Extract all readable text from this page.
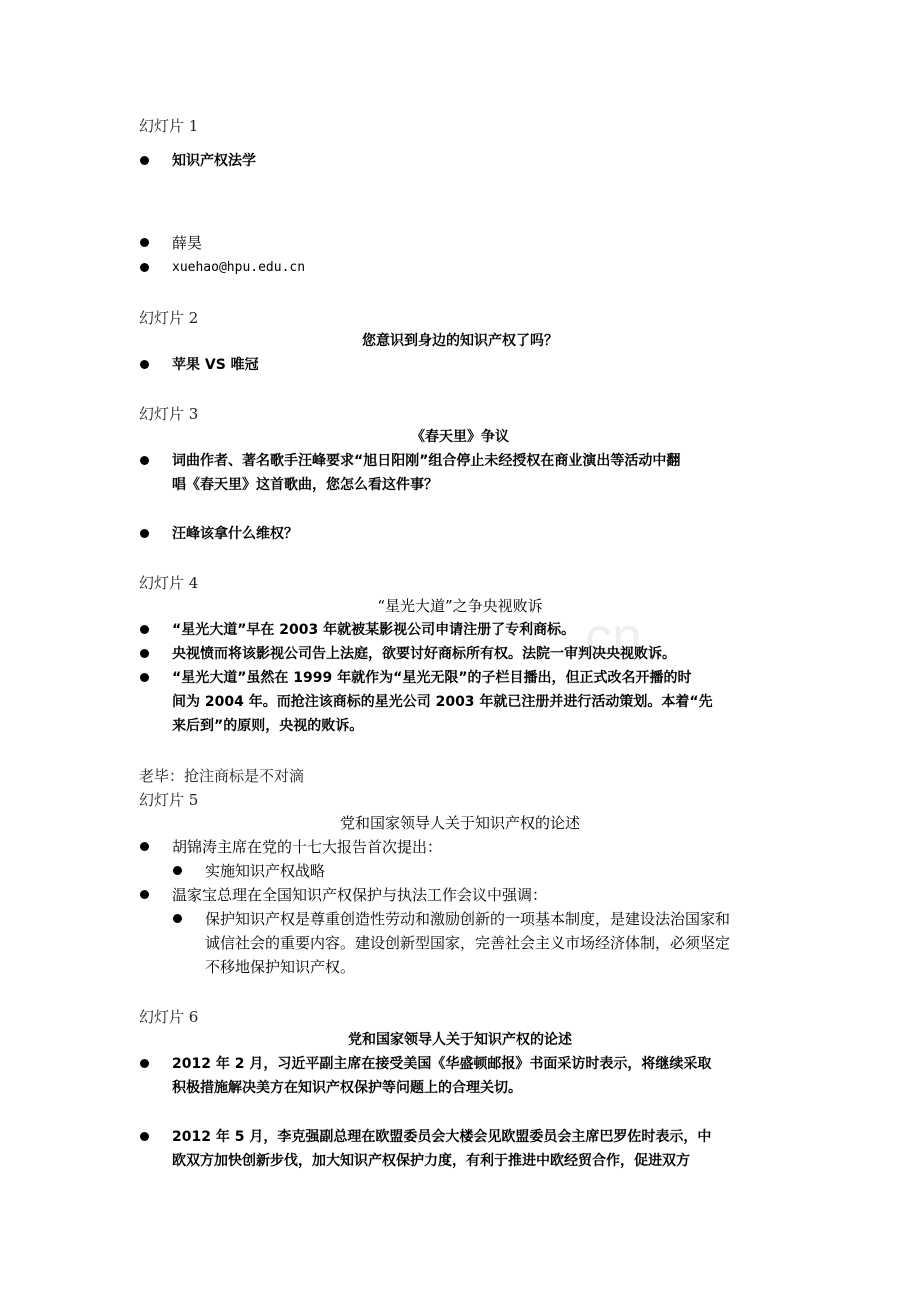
cn
幻灯片 1
知识产权法学
薛昊
xuehao@hpu.edu.cn
幻灯片 2
您意识到身边的知识产权了吗？
苹果 VS 唯冠
幻灯片 3
《春天里》争议
词曲作者、著名歌手汪峰要求“旭日阳刚”组合停止未经授权在商业演出等活动中翻
唱《春天里》这首歌曲，您怎么看这件事？
汪峰该拿什么维权？
幻灯片 4
“星光大道”之争央视败诉
“星光大道”早在 2003 年就被某影视公司申请注册了专利商标。
央视愤而将该影视公司告上法庭，欲要讨好商标所有权。法院一审判决央视败诉。
“星光大道”虽然在 1999 年就作为“星光无限”的子栏目播出，但正式改名开播的时
间为 2004 年。而抢注该商标的星光公司 2003 年就已注册并进行活动策划。本着“先
来后到”的原则，央视的败诉。
老毕：抢注商标是不对滴
幻灯片 5
党和国家领导人关于知识产权的论述
胡锦涛主席在党的十七大报告首次提出：
实施知识产权战略
温家宝总理在全国知识产权保护与执法工作会议中强调：
保护知识产权是尊重创造性劳动和激励创新的一项基本制度，是建设法治国家和
诚信社会的重要内容。建设创新型国家，完善社会主义市场经济体制，必须坚定
不移地保护知识产权。
幻灯片 6
党和国家领导人关于知识产权的论述
2012 年 2 月，习近平副主席在接受美国《华盛顿邮报》书面采访时表示，将继续采取
积极措施解决美方在知识产权保护等问题上的合理关切。
2012 年 5 月，李克强副总理在欧盟委员会大楼会见欧盟委员会主席巴罗佐时表示，中
欧双方加快创新步伐，加大知识产权保护力度，有利于推进中欧经贸合作，促进双方
